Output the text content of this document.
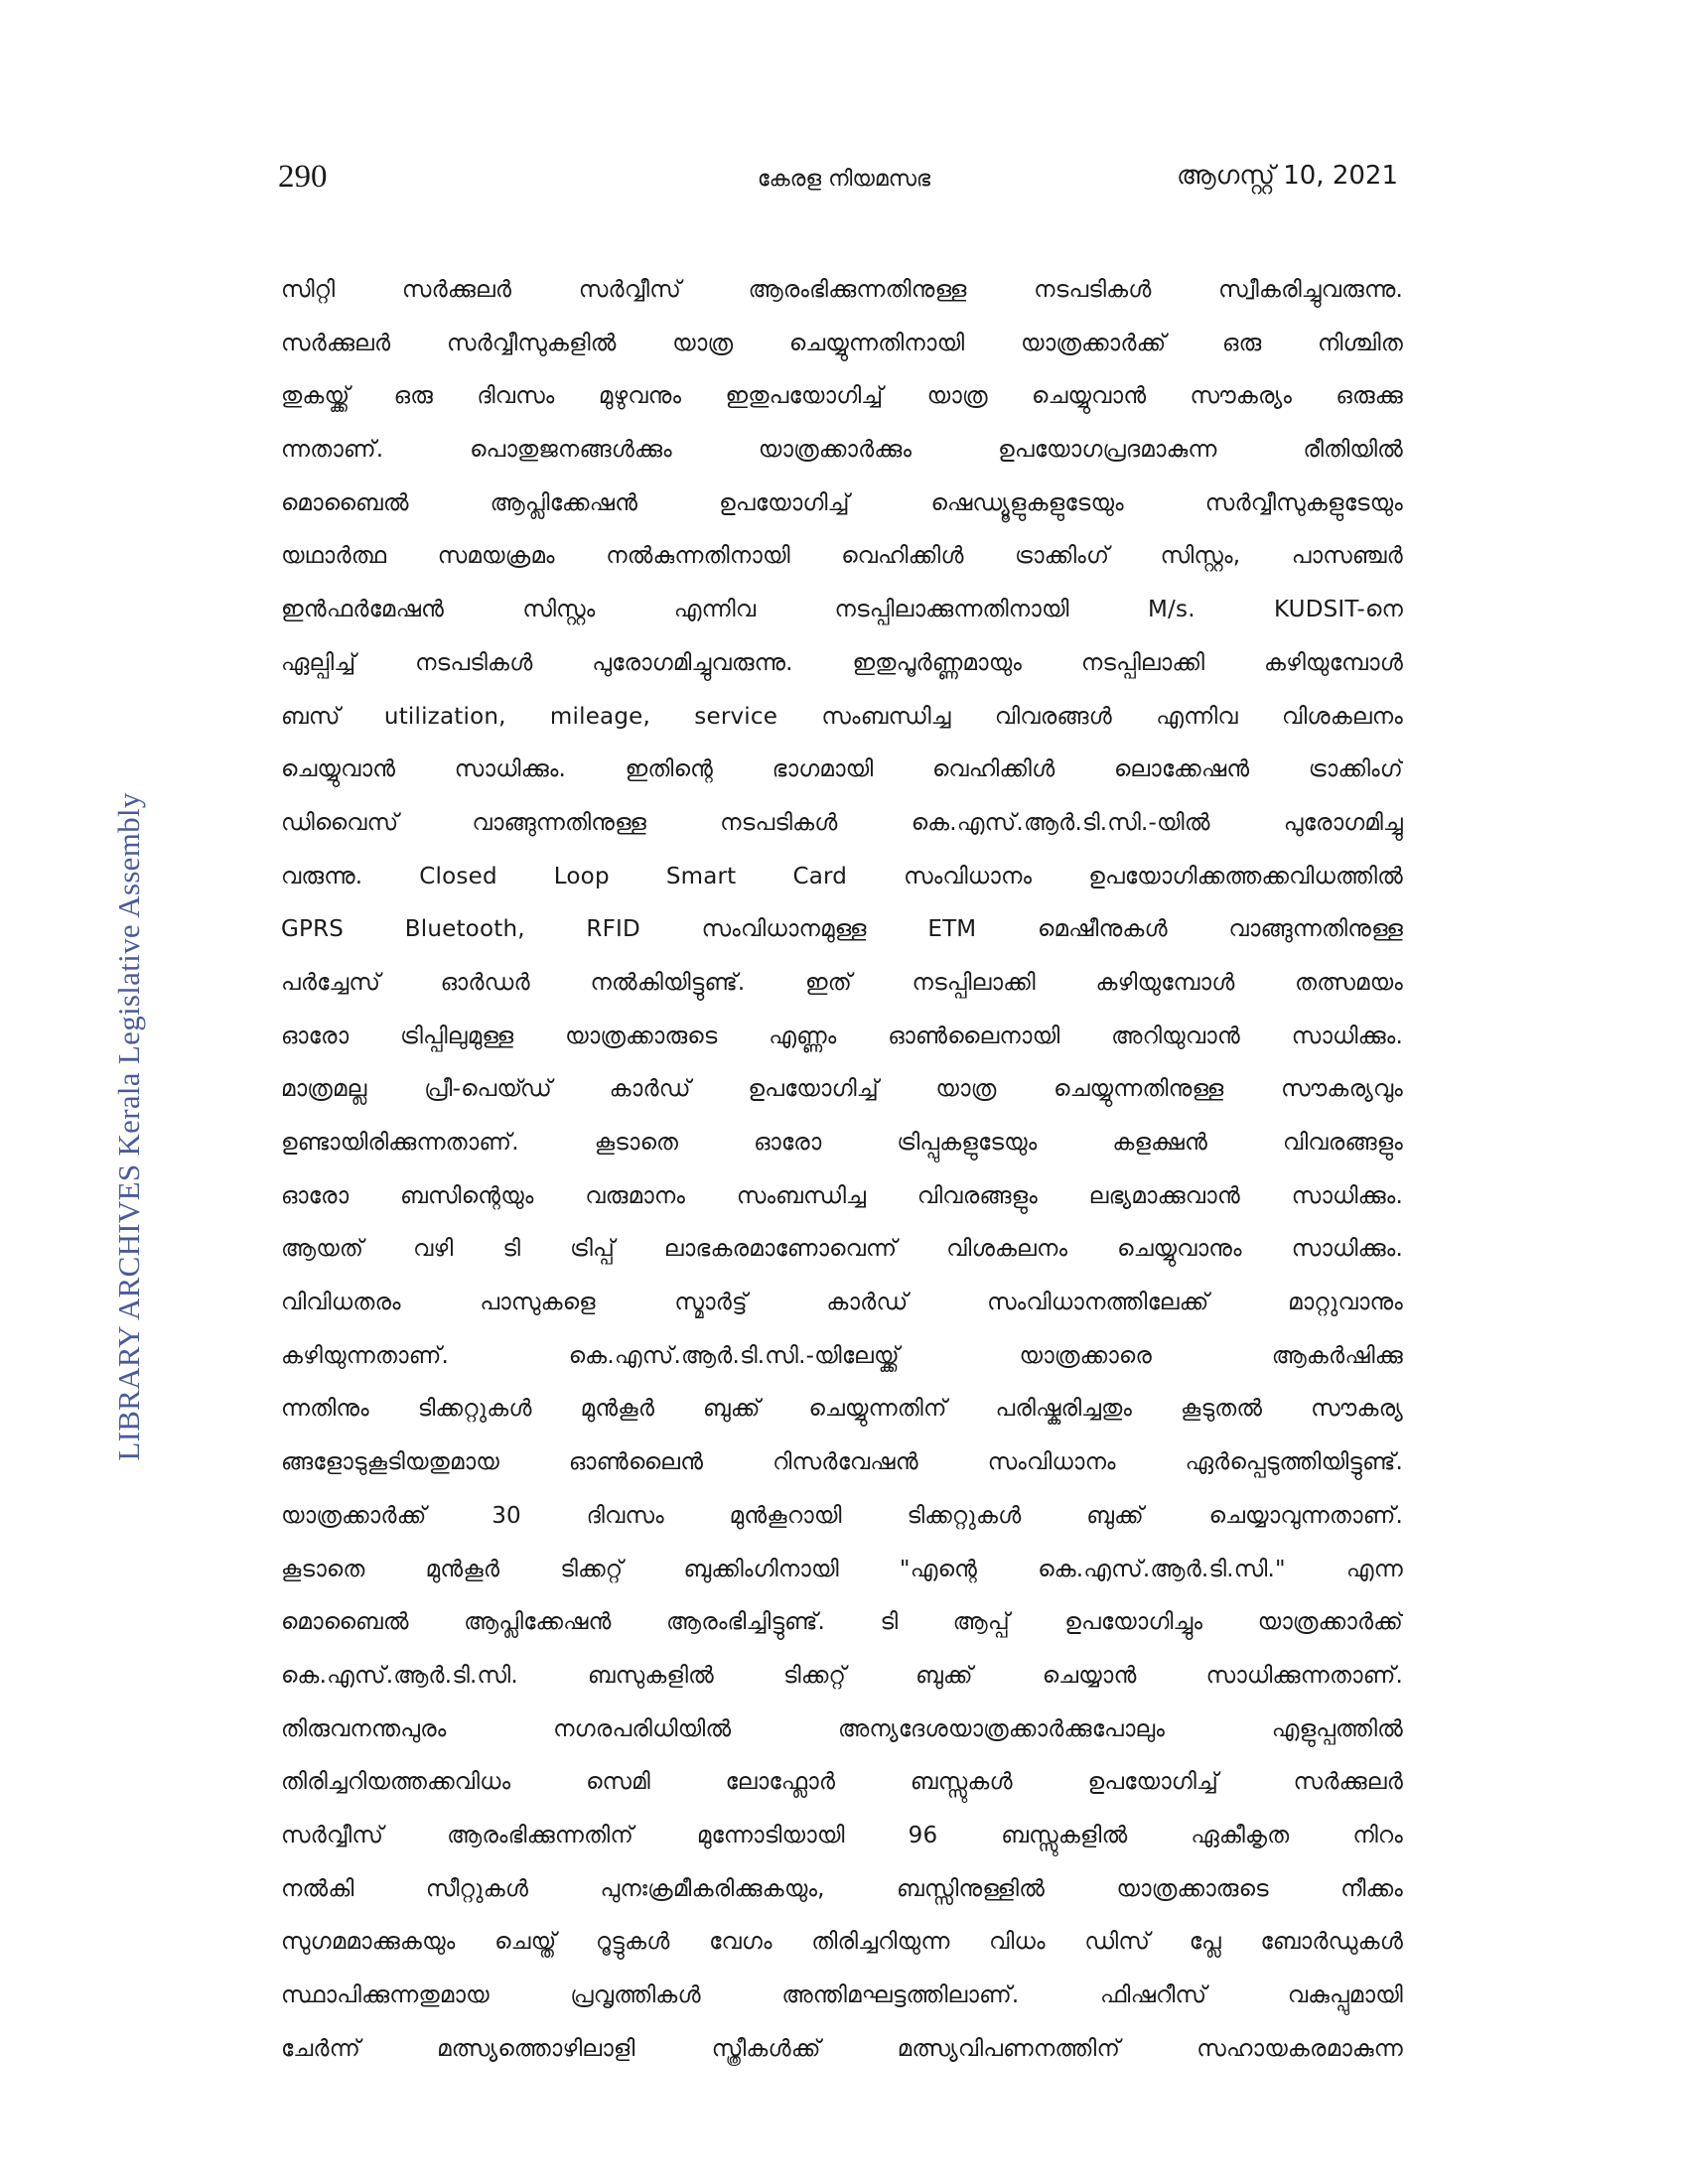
290	കേരള നിയമസഭ	ആഗസ്റ്റ് 10, 2021
LIBRARY ARCHIVES Kerala Legislative Assembly
സിറ്റി സർക്കുലർ സർവ്വീസ് ആരംഭിക്കുന്നതിനുള്ള നടപടികൾ സ്വീകരിച്ചുവരുന്നു.
സർക്കുലർ സർവ്വീസുകളിൽ യാത്ര ചെയ്യുന്നതിനായി യാത്രക്കാർക്ക് ഒരു നിശ്ചിത
തുകയ്ക്ക് ഒരു ദിവസം മുഴുവനും ഇതുപയോഗിച്ച് യാത്ര ചെയ്യുവാൻ സൗകര്യം ഒരുക്കു
ന്നതാണ്. പൊതുജനങ്ങൾക്കും യാത്രക്കാർക്കും ഉപയോഗപ്രദമാകുന്ന രീതിയിൽ
മൊബൈൽ ആപ്ലിക്കേഷൻ ഉപയോഗിച്ച് ഷെഡ്യൂളുകളുടേയും സർവ്വീസുകളുടേയും
യഥാർത്ഥ സമയക്രമം നൽകുന്നതിനായി വെഹിക്കിൾ ട്രാക്കിംഗ് സിസ്റ്റം, പാസഞ്ചർ
ഇൻഫർമേഷൻ സിസ്റ്റം എന്നിവ നടപ്പിലാക്കുന്നതിനായി M/s. KUDSIT-നെ
ഏല്പിച്ച് നടപടികൾ പുരോഗമിച്ചുവരുന്നു. ഇതുപൂർണ്ണമായും നടപ്പിലാക്കി കഴിയുമ്പോൾ
ബസ് utilization, mileage, service സംബന്ധിച്ച വിവരങ്ങൾ എന്നിവ വിശകലനം
ചെയ്യുവാൻ സാധിക്കും. ഇതിന്റെ ഭാഗമായി വെഹിക്കിൾ ലൊക്കേഷൻ ട്രാക്കിംഗ്
ഡിവൈസ് വാങ്ങുന്നതിനുള്ള നടപടികൾ കെ.എസ്.ആർ.ടി.സി.-യിൽ പുരോഗമിച്ചു
വരുന്നു. Closed Loop Smart Card സംവിധാനം ഉപയോഗിക്കത്തക്കവിധത്തിൽ
GPRS Bluetooth, RFID സംവിധാനമുള്ള ETM മെഷീനുകൾ വാങ്ങുന്നതിനുള്ള
പർച്ചേസ് ഓർഡർ നൽകിയിട്ടുണ്ട്. ഇത് നടപ്പിലാക്കി കഴിയുമ്പോൾ തത്സമയം
ഓരോ ട്രിപ്പിലുമുള്ള യാത്രക്കാരുടെ എണ്ണം ഓൺലൈനായി അറിയുവാൻ സാധിക്കും.
മാത്രമല്ല പ്രീ-പെയ്ഡ് കാർഡ് ഉപയോഗിച്ച് യാത്ര ചെയ്യുന്നതിനുള്ള സൗകര്യവും
ഉണ്ടായിരിക്കുന്നതാണ്. കൂടാതെ ഓരോ ട്രിപ്പുകളുടേയും കളക്ഷൻ വിവരങ്ങളും
ഓരോ ബസിന്റെയും വരുമാനം സംബന്ധിച്ച വിവരങ്ങളും ലഭ്യമാക്കുവാൻ സാധിക്കും.
ആയത് വഴി ടി ട്രിപ്പ് ലാഭകരമാണോവെന്ന് വിശകലനം ചെയ്യുവാനും സാധിക്കും.
വിവിധതരം പാസുകളെ സ്മാർട്ട് കാർഡ് സംവിധാനത്തിലേക്ക് മാറ്റുവാനും
കഴിയുന്നതാണ്. കെ.എസ്.ആർ.ടി.സി.-യിലേയ്ക്ക് യാത്രക്കാരെ ആകർഷിക്കു
ന്നതിനും ടിക്കറ്റുകൾ മുൻകൂർ ബുക്ക് ചെയ്യുന്നതിന് പരിഷ്കരിച്ചതും കൂടുതൽ സൗകര്യ
ങ്ങളോടുകൂടിയതുമായ ഓൺലൈൻ റിസർവേഷൻ സംവിധാനം ഏർപ്പെടുത്തിയിട്ടുണ്ട്.
യാത്രക്കാർക്ക് 30 ദിവസം മുൻകൂറായി ടിക്കറ്റുകൾ ബുക്ക് ചെയ്യാവുന്നതാണ്.
കൂടാതെ മുൻകൂർ ടിക്കറ്റ് ബുക്കിംഗിനായി "എന്റെ കെ.എസ്.ആർ.ടി.സി." എന്ന
മൊബൈൽ ആപ്ലിക്കേഷൻ ആരംഭിച്ചിട്ടുണ്ട്. ടി ആപ്പ് ഉപയോഗിച്ചും യാത്രക്കാർക്ക്
കെ.എസ്.ആർ.ടി.സി. ബസുകളിൽ ടിക്കറ്റ് ബുക്ക് ചെയ്യാൻ സാധിക്കുന്നതാണ്.
തിരുവനന്തപുരം നഗരപരിധിയിൽ അന്യദേശയാത്രക്കാർക്കുപോലും എളുപ്പത്തിൽ
തിരിച്ചറിയത്തക്കവിധം സെമി ലോഫ്ലോർ ബസ്സുകൾ ഉപയോഗിച്ച് സർക്കുലർ
സർവ്വീസ് ആരംഭിക്കുന്നതിന് മുന്നോടിയായി 96 ബസ്സുകളിൽ ഏകീകൃത നിറം
നൽകി സീറ്റുകൾ പുനഃക്രമീകരിക്കുകയും, ബസ്സിനുള്ളിൽ യാത്രക്കാരുടെ നീക്കം
സുഗമമാക്കുകയും ചെയ്ത് റൂട്ടുകൾ വേഗം തിരിച്ചറിയുന്ന വിധം ഡിസ് പ്ലേ ബോർഡുകൾ
സ്ഥാപിക്കുന്നതുമായ പ്രവൃത്തികൾ അന്തിമഘട്ടത്തിലാണ്. ഫിഷറീസ് വകുപ്പുമായി
ചേർന്ന് മത്സ്യത്തൊഴിലാളി സ്ത്രീകൾക്ക് മത്സ്യവിപണനത്തിന് സഹായകരമാകുന്ന
